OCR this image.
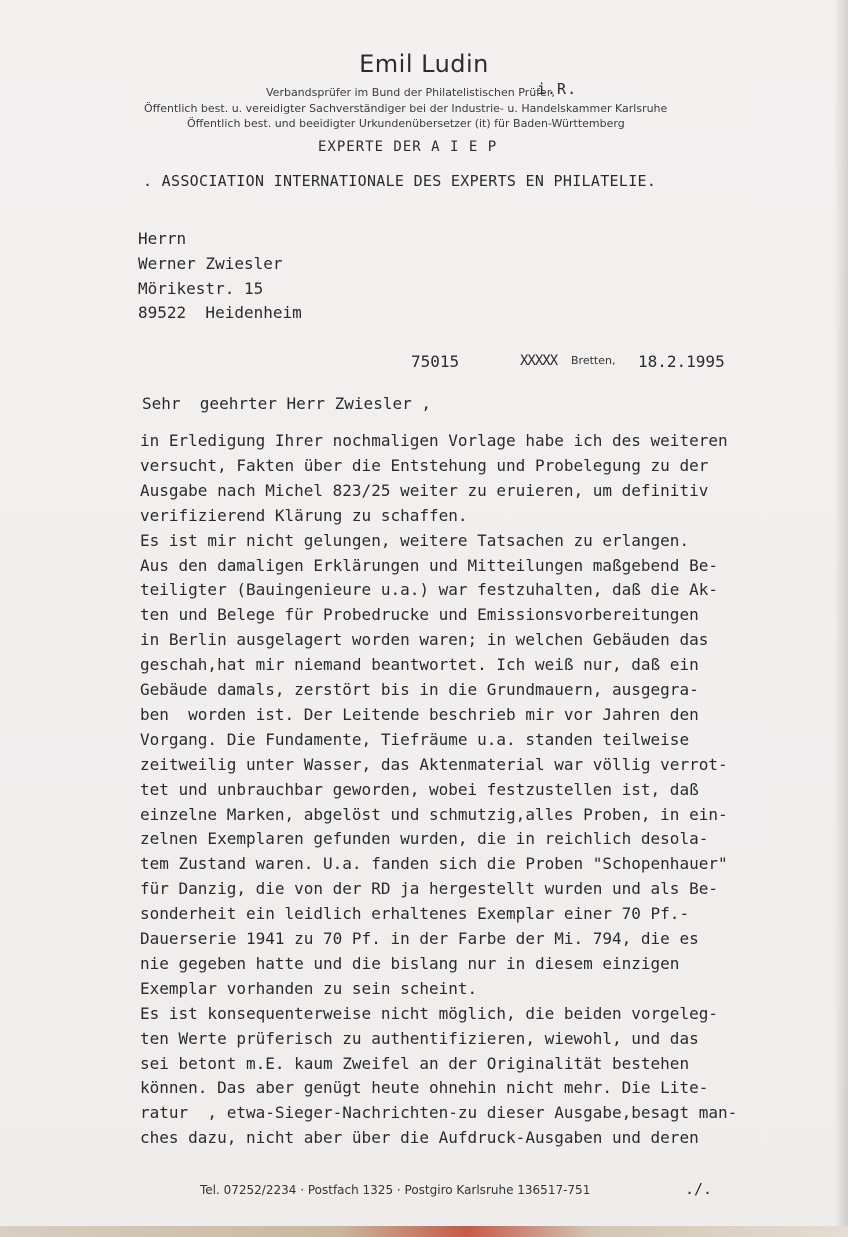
Emil Ludin
Verbandsprüfer im Bund der Philatelistischen Prüfer,
i.R.
Öffentlich best. u. vereidigter Sachverständiger bei der Industrie- u. Handelskammer Karlsruhe
Öffentlich best. und beeidigter Urkundenübersetzer (it) für Baden-Württemberg
EXPERTE DER A I E P
. ASSOCIATION INTERNATIONALE DES EXPERTS EN PHILATELIE.
Herrn
Werner Zwiesler
Mörikestr. 15
89522  Heidenheim
75015	XXXXX Bretten, 18.2.1995
Sehr  geehrter Herr Zwiesler ,
in Erledigung Ihrer nochmaligen Vorlage habe ich des weiteren
versucht, Fakten über die Entstehung und Probelegung zu der
Ausgabe nach Michel 823/25 weiter zu eruieren, um definitiv
verifizierend Klärung zu schaffen.
Es ist mir nicht gelungen, weitere Tatsachen zu erlangen.
Aus den damaligen Erklärungen und Mitteilungen maßgebend Be-
teiligter (Bauingenieure u.a.) war festzuhalten, daß die Ak-
ten und Belege für Probedrucke und Emissionsvorbereitungen
in Berlin ausgelagert worden waren; in welchen Gebäuden das
geschah,hat mir niemand beantwortet. Ich weiß nur, daß ein
Gebäude damals, zerstört bis in die Grundmauern, ausgegra-
ben  worden ist. Der Leitende beschrieb mir vor Jahren den
Vorgang. Die Fundamente, Tiefräume u.a. standen teilweise
zeitweilig unter Wasser, das Aktenmaterial war völlig verrot-
tet und unbrauchbar geworden, wobei festzustellen ist, daß
einzelne Marken, abgelöst und schmutzig,alles Proben, in ein-
zelnen Exemplaren gefunden wurden, die in reichlich desola-
tem Zustand waren. U.a. fanden sich die Proben "Schopenhauer"
für Danzig, die von der RD ja hergestellt wurden und als Be-
sonderheit ein leidlich erhaltenes Exemplar einer 70 Pf.-
Dauerserie 1941 zu 70 Pf. in der Farbe der Mi. 794, die es
nie gegeben hatte und die bislang nur in diesem einzigen
Exemplar vorhanden zu sein scheint.
Es ist konsequenterweise nicht möglich, die beiden vorgeleg-
ten Werte prüferisch zu authentifizieren, wiewohl, und das
sei betont m.E. kaum Zweifel an der Originalität bestehen
können. Das aber genügt heute ohnehin nicht mehr. Die Lite-
ratur  , etwa-Sieger-Nachrichten-zu dieser Ausgabe,besagt man-
ches dazu, nicht aber über die Aufdruck-Ausgaben und deren
Tel. 07252/2234 · Postfach 1325 · Postgiro Karlsruhe 136517-751	./.
